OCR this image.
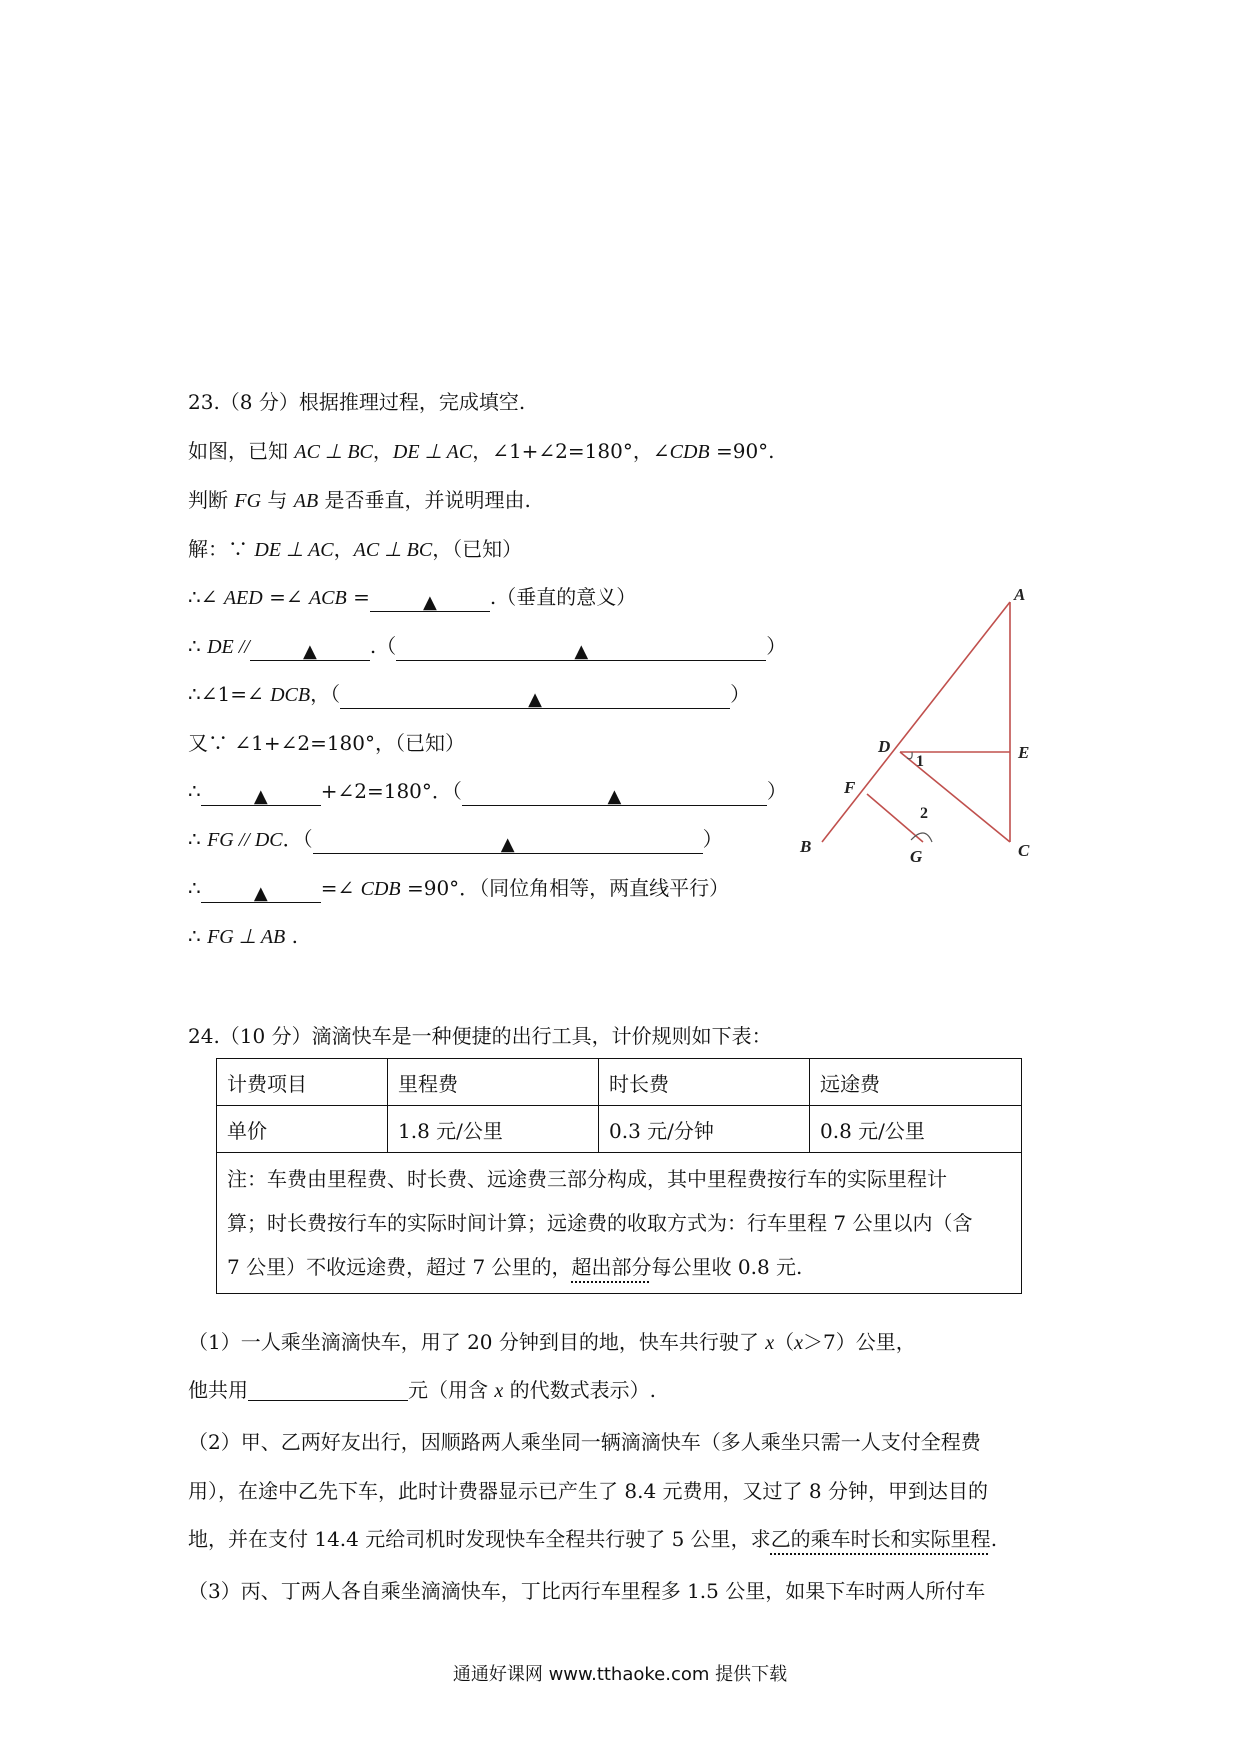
23.（8 分）根据推理过程，完成填空.
如图，已知 AC ⊥ BC，DE ⊥ AC，∠1+∠2=180°，∠CDB =90°.
判断 FG 与 AB 是否垂直，并说明理由.
解：∵ DE ⊥ AC，AC ⊥ BC，（已知）
∴∠ AED =∠ ACB =	▲	.（垂直的意义）
∴ DE //	▲	.（	▲	）
∴∠1=∠ DCB，（	▲	）
又∵ ∠1+∠2=180°，（已知）
∴	▲	+∠2=180°．（	▲	）
∴ FG // DC．（	▲	）
∴	▲	=∠ CDB =90°．（同位角相等，两直线平行）
∴ FG ⊥ AB .
A
B	C
D	E
F
G
1
2
24.（10 分）滴滴快车是一种便捷的出行工具，计价规则如下表：
计费项目	里程费	时长费	远途费
单价	1.8 元/公里	0.3 元/分钟	0.8 元/公里

注：车费由里程费、时长费、远途费三部分构成，其中里程费按行车的实际里程计
算；时长费按行车的实际时间计算；远途费的收取方式为：行车里程 7 公里以内（含
7 公里）不收远途费，超过 7 公里的，超出部分每公里收 0.8 元.			
（1）一人乘坐滴滴快车，用了 20 分钟到目的地，快车共行驶了 x（x＞7）公里，
他共用	元（用含 x 的代数式表示）.
（2）甲、乙两好友出行，因顺路两人乘坐同一辆滴滴快车（多人乘坐只需一人支付全程费
用），在途中乙先下车，此时计费器显示已产生了 8.4 元费用，又过了 8 分钟，甲到达目的
地，并在支付 14.4 元给司机时发现快车全程共行驶了 5 公里，求乙的乘车时长和实际里程.
（3）丙、丁两人各自乘坐滴滴快车，丁比丙行车里程多 1.5 公里，如果下车时两人所付车
通通好课网 www.tthaoke.com 提供下载
